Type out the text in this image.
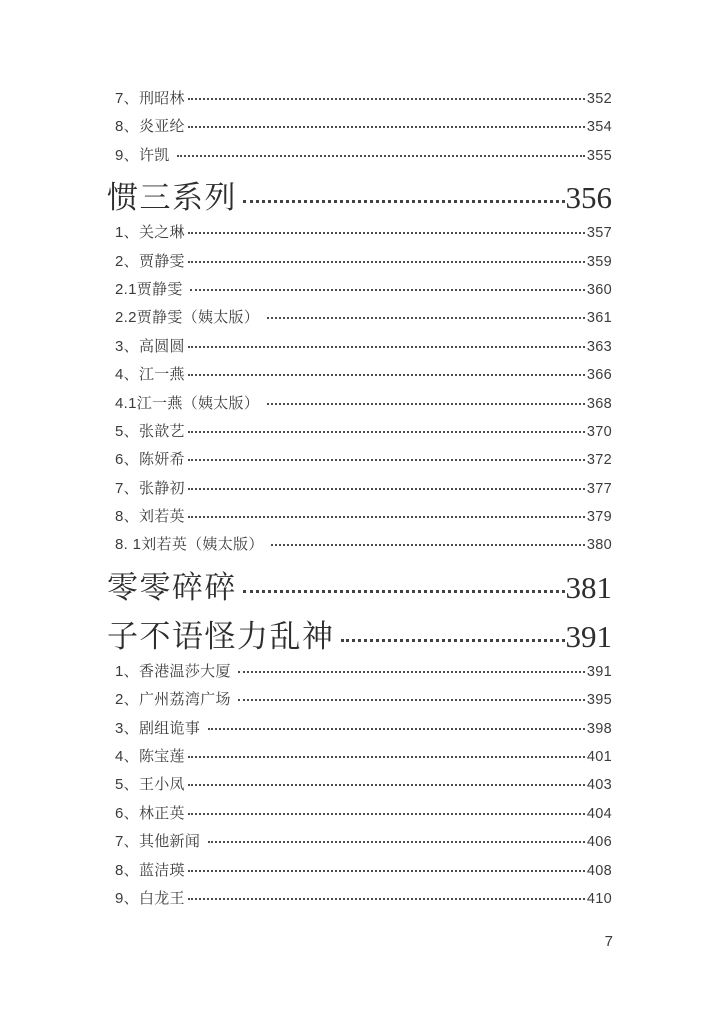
7、刑昭林	352
8、炎亚纶	354
9、许凯	355
惯三系列	356
1、关之琳	357
2、贾静雯	359
2.1贾静雯	360
2.2贾静雯（姨太版）	361
3、高圆圆	363
4、江一燕	366
4.1江一燕（姨太版）	368
5、张歆艺	370
6、陈妍希	372
7、张静初	377
8、刘若英	379
8. 1刘若英（姨太版）	380
零零碎碎	381
子不语怪力乱神	391
1、香港温莎大厦	391
2、广州荔湾广场	395
3、剧组诡事	398
4、陈宝莲	401
5、王小凤	403
6、林正英	404
7、其他新闻	406
8、蓝洁瑛	408
9、白龙王	410
7
